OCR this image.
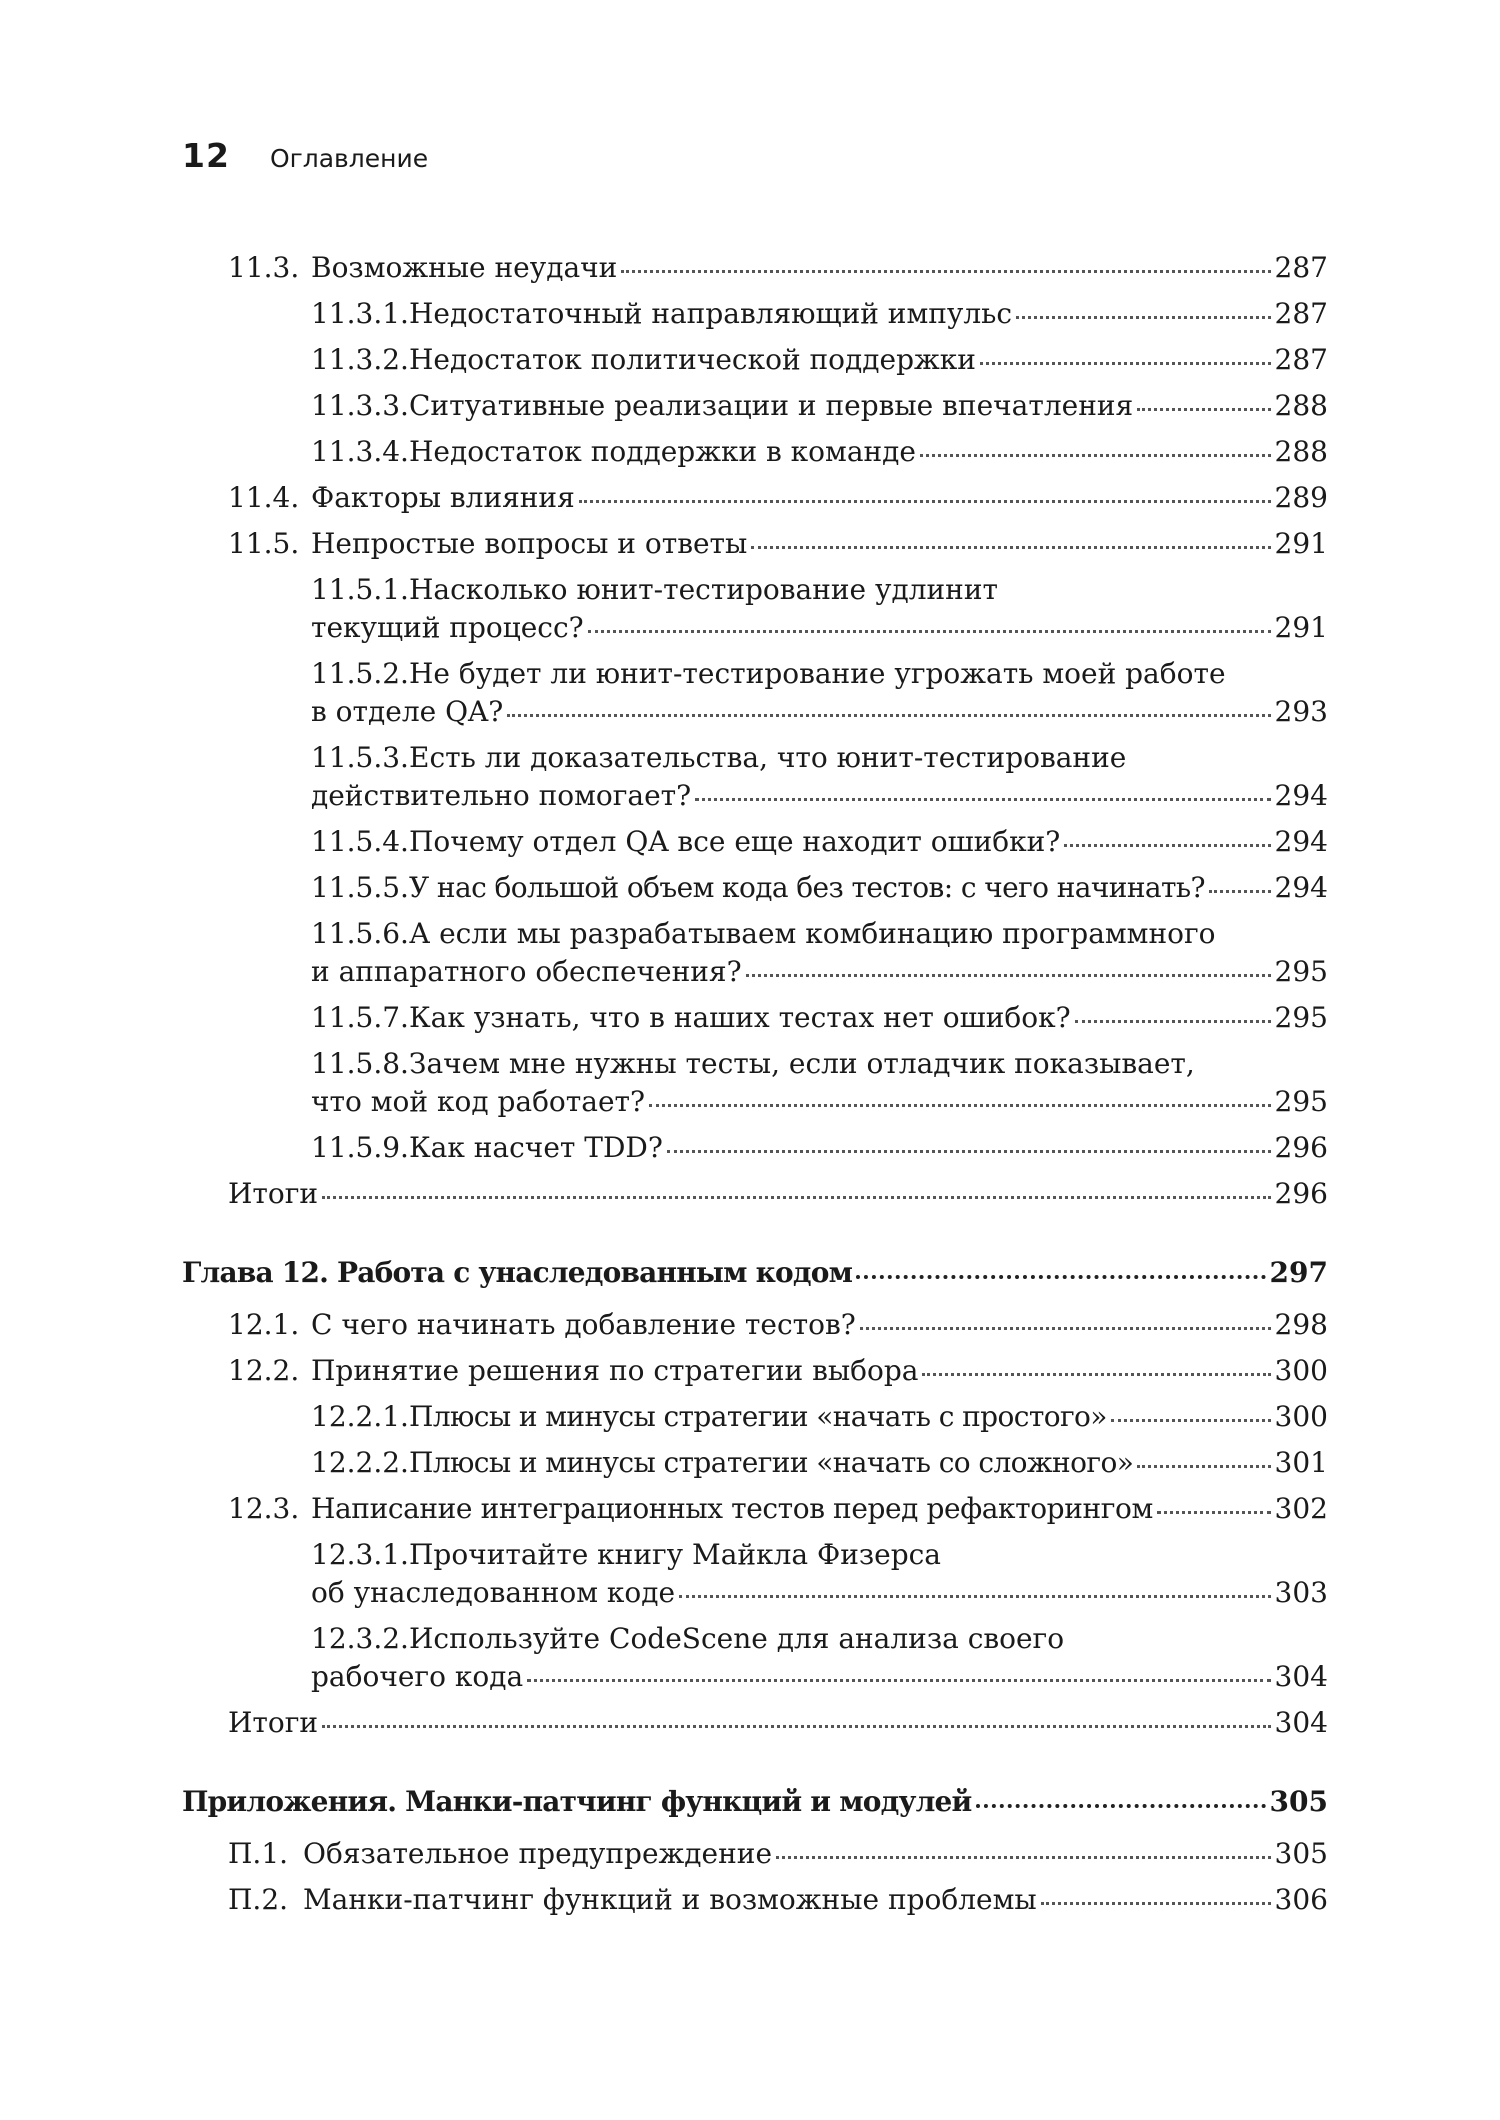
12 Оглавление
11.3. Возможные неудачи	287
11.3.1. Недостаточный направляющий импульс	287
11.3.2. Недостаток политической поддержки	287
11.3.3. Ситуативные реализации и первые впечатления	288
11.3.4. Недостаток поддержки в команде	288
11.4. Факторы влияния	289
11.5. Непростые вопросы и ответы	291
11.5.1. Насколько юнит-тестирование удлинит
текущий процесс?	291
11.5.2. Не будет ли юнит-тестирование угрожать моей работе
в отделе QA?	293
11.5.3. Есть ли доказательства, что юнит-тестирование
действительно помогает?	294
11.5.4. Почему отдел QA все еще находит ошибки?	294
11.5.5. У нас большой объем кода без тестов: с чего начинать? 294
11.5.6. А если мы разрабатываем комбинацию программного
и аппаратного обеспечения?	295
11.5.7. Как узнать, что в наших тестах нет ошибок?	295
11.5.8. Зачем мне нужны тесты, если отладчик показывает,
что мой код работает?	295
11.5.9. Как насчет TDD?	296
Итоги	296
Глава 12. Работа с унаследованным кодом	297
12.1. С чего начинать добавление тестов?	298
12.2. Принятие решения по стратегии выбора	300
12.2.1. Плюсы и минусы стратегии «начать с простого»	300
12.2.2. Плюсы и минусы стратегии «начать со сложного»	301
12.3. Написание интеграционных тестов перед рефакторингом	302
12.3.1. Прочитайте книгу Майкла Физерса
об унаследованном коде	303
12.3.2. Используйте CodeScene для анализа своего
рабочего кода	304
Итоги	304
Приложения. Манки-патчинг функций и модулей	305
П.1. Обязательное предупреждение	305
П.2. Манки-патчинг функций и возможные проблемы	306
